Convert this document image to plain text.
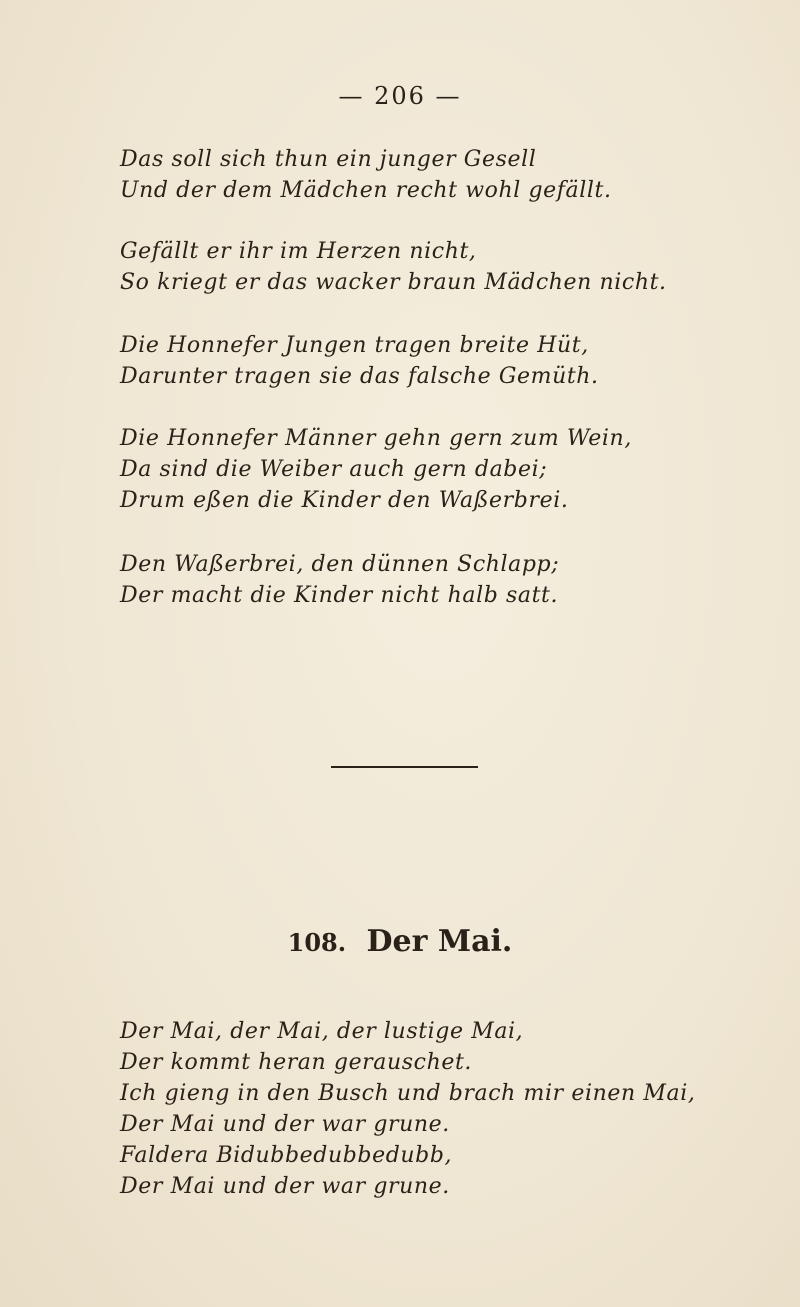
— 206 —
Das soll sich thun ein junger Gesell
Und der dem Mädchen recht wohl gefällt.
Gefällt er ihr im Herzen nicht,
So kriegt er das wacker braun Mädchen nicht.
Die Honnefer Jungen tragen breite Hüt,
Darunter tragen sie das falsche Gemüth.
Die Honnefer Männer gehn gern zum Wein,
Da sind die Weiber auch gern dabei;
Drum eßen die Kinder den Waßerbrei.
Den Waßerbrei, den dünnen Schlapp;
Der macht die Kinder nicht halb satt.
108. Der Mai.
Der Mai, der Mai, der lustige Mai,
Der kommt heran gerauschet.
Ich gieng in den Busch und brach mir einen Mai,
Der Mai und der war grune.
Faldera Bidubbedubbedubb,
Der Mai und der war grune.
